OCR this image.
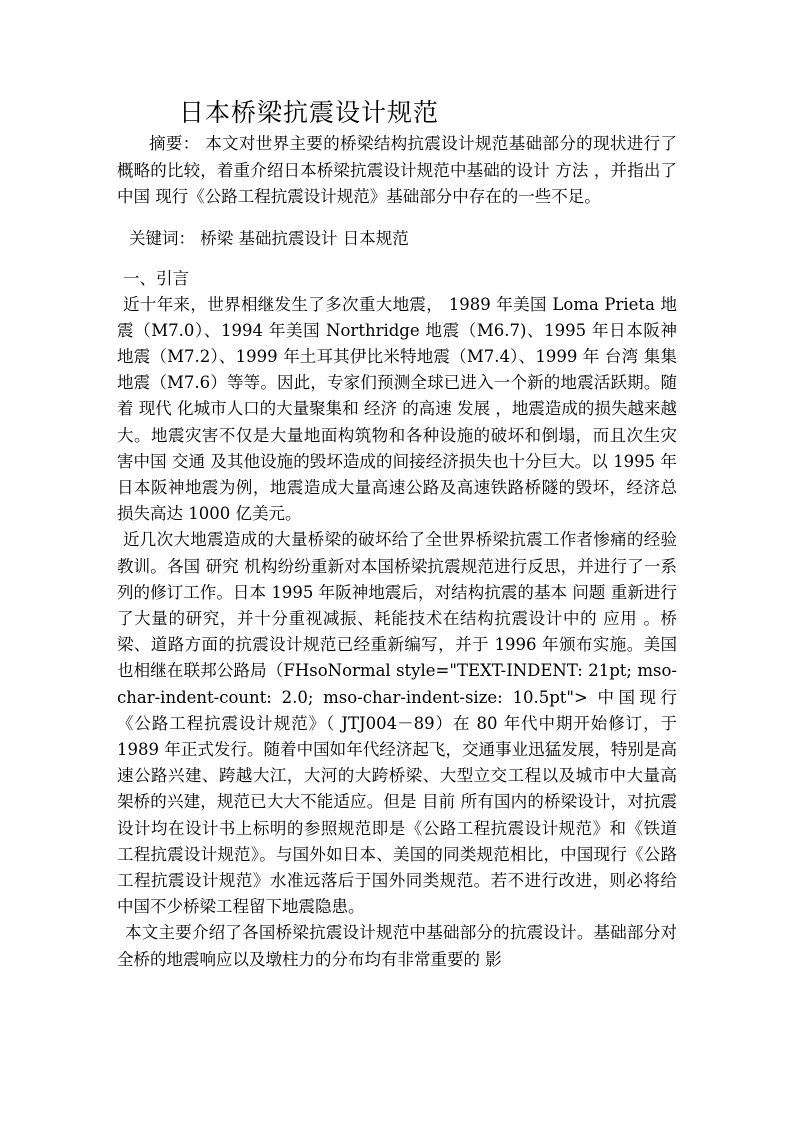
日本桥梁抗震设计规范

摘要： 本文对世界主要的桥梁结构抗震设计规范基础部分的现状进行了概略的比较，着重介绍日本桥梁抗震设计规范中基础的设计 方法 ，并指出了 中国 现行《公路工程抗震设计规范》基础部分中存在的一些不足。

关键词： 桥梁 基础抗震设计 日本规范

一、引言

近十年来，世界相继发生了多次重大地震， 1989 年美国 Loma Prieta 地震（M7.0）、1994 年美国 Northridge 地震（M6.7)、1995 年日本阪神地震（M7.2）、1999 年土耳其伊比米特地震（M7.4）、1999 年 台湾 集集地震（M7.6）等等。因此，专家们预测全球已进入一个新的地震活跃期。随着 现代 化城市人口的大量聚集和 经济 的高速 发展 ，地震造成的损失越来越大。地震灾害不仅是大量地面构筑物和各种设施的破坏和倒塌，而且次生灾害中国 交通 及其他设施的毁坏造成的间接经济损失也十分巨大。以 1995 年日本阪神地震为例，地震造成大量高速公路及高速铁路桥隧的毁坏，经济总损失高达 1000 亿美元。

近几次大地震造成的大量桥梁的破坏给了全世界桥梁抗震工作者惨痛的经验教训。各国 研究 机构纷纷重新对本国桥梁抗震规范进行反思，并进行了一系列的修订工作。日本 1995 年阪神地震后，对结构抗震的基本 问题 重新进行了大量的研究，并十分重视减振、耗能技术在结构抗震设计中的 应用 。桥梁、道路方面的抗震设计规范已经重新编写，并于 1996 年颁布实施。美国也相继在联邦公路局（FHsoNormal style="TEXT-INDENT: 21pt; mso-char-indent-count: 2.0; mso-char-indent-size: 10.5pt"> 中国现行《公路工程抗震设计规范》（ JTJ004－89）在 80 年代中期开始修订，于 1989 年正式发行。随着中国如年代经济起飞，交通事业迅猛发展，特别是高速公路兴建、跨越大江，大河的大跨桥梁、大型立交工程以及城市中大量高架桥的兴建，规范已大大不能适应。但是 目前 所有国内的桥梁设计，对抗震设计均在设计书上标明的参照规范即是《公路工程抗震设计规范》和《铁道工程抗震设计规范》。与国外如日本、美国的同类规范相比，中国现行《公路工程抗震设计规范》水准远落后于国外同类规范。若不进行改进，则必将给中国不少桥梁工程留下地震隐患。

本文主要介绍了各国桥梁抗震设计规范中基础部分的抗震设计。基础部分对全桥的地震响应以及墩柱力的分布均有非常重要的 影
